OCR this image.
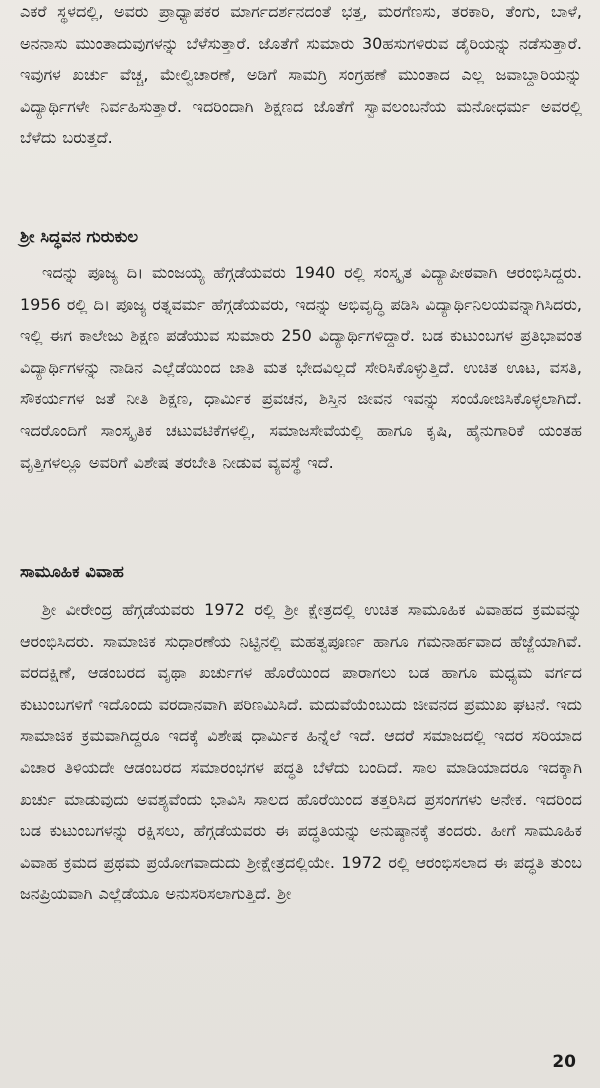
ಎಕರೆ ಸ್ಥಳದಲ್ಲಿ, ಅವರು ಪ್ರಾಧ್ಯಾಪಕರ ಮಾರ್ಗದರ್ಶನದಂತೆ ಭತ್ತ, ಮರಗೆಣಸು, ತರಕಾರಿ, ತೆಂಗು, ಬಾಳೆ, ಅನನಾಸು ಮುಂತಾದುವುಗಳನ್ನು ಬೆಳೆಸುತ್ತಾರೆ. ಜೊತೆಗೆ ಸುಮಾರು 30ಹಸುಗಳಿರುವ ಡೈರಿಯನ್ನು ನಡೆಸುತ್ತಾರೆ. ಇವುಗಳ ಖರ್ಚು ವೆಚ್ಚ, ಮೇಲ್ವಿಚಾರಣೆ, ಅಡಿಗೆ ಸಾಮಗ್ರಿ ಸಂಗ್ರಹಣೆ ಮುಂತಾದ ಎಲ್ಲ ಜವಾಬ್ದಾರಿಯನ್ನು ವಿದ್ಯಾರ್ಥಿಗಳೇ ನಿರ್ವಹಿಸುತ್ತಾರೆ. ಇದರಿಂದಾಗಿ ಶಿಕ್ಷಣದ ಜೊತೆಗೆ ಸ್ವಾವಲಂಬನೆಯ ಮನೋಧರ್ಮ ಅವರಲ್ಲಿ ಬೆಳೆದು ಬರುತ್ತದೆ.

ಶ್ರೀ ಸಿದ್ಧವನ ಗುರುಕುಲ

ಇದನ್ನು ಪೂಜ್ಯ ದಿ। ಮಂಜಯ್ಯ ಹೆಗ್ಗಡೆಯವರು 1940 ರಲ್ಲಿ ಸಂಸ್ಕೃತ ವಿದ್ಯಾಪೀಠವಾಗಿ ಆರಂಭಿಸಿದ್ದರು. 1956 ರಲ್ಲಿ ದಿ। ಪೂಜ್ಯ ರತ್ನವರ್ಮ ಹೆಗ್ಗಡೆಯವರು, ಇದನ್ನು ಅಭಿವೃದ್ಧಿ ಪಡಿಸಿ ವಿದ್ಯಾರ್ಥಿನಿಲಯವನ್ನಾಗಿಸಿದರು, ಇಲ್ಲಿ ಈಗ ಕಾಲೇಜು ಶಿಕ್ಷಣ ಪಡೆಯುವ ಸುಮಾರು 250 ವಿದ್ಯಾರ್ಥಿಗಳಿದ್ದಾರೆ. ಬಡ ಕುಟುಂಬಗಳ ಪ್ರತಿಭಾವಂತ ವಿದ್ಯಾರ್ಥಿಗಳನ್ನು ನಾಡಿನ ಎಲ್ಲೆಡೆಯಿಂದ ಜಾತಿ ಮತ ಭೇದವಿಲ್ಲದೆ ಸೇರಿಸಿಕೊಳ್ಳುತ್ತಿದೆ. ಉಚಿತ ಊಟ, ವಸತಿ, ಸೌಕರ್ಯಗಳ ಜತೆ ನೀತಿ ಶಿಕ್ಷಣ, ಧಾರ್ಮಿಕ ಪ್ರವಚನ, ಶಿಸ್ತಿನ ಜೀವನ ಇವನ್ನು ಸಂಯೋಜಿಸಿಕೊಳ್ಳಲಾಗಿದೆ. ಇದರೊಂದಿಗೆ ಸಾಂಸ್ಕೃತಿಕ ಚಟುವಟಿಕೆಗಳಲ್ಲಿ, ಸಮಾಜಸೇವೆಯಲ್ಲಿ ಹಾಗೂ ಕೃಷಿ, ಹೈನುಗಾರಿಕೆ ಯಂತಹ ವೃತ್ತಿಗಳಲ್ಲೂ ಅವರಿಗೆ ವಿಶೇಷ ತರಬೇತಿ ನೀಡುವ ವ್ಯವಸ್ಥೆ ಇದೆ.

ಸಾಮೂಹಿಕ ವಿವಾಹ

ಶ್ರೀ ವೀರೇಂದ್ರ ಹೆಗ್ಗಡೆಯವರು 1972 ರಲ್ಲಿ ಶ್ರೀ ಕ್ಷೇತ್ರದಲ್ಲಿ ಉಚಿತ ಸಾಮೂಹಿಕ ವಿವಾಹದ ಕ್ರಮವನ್ನು ಆರಂಭಿಸಿದರು. ಸಾಮಾಜಿಕ ಸುಧಾರಣೆಯ ನಿಟ್ಟಿನಲ್ಲಿ ಮಹತ್ವಪೂರ್ಣ ಹಾಗೂ ಗಮನಾರ್ಹವಾದ ಹೆಜ್ಜೆಯಾಗಿವೆ. ವರದಕ್ಷಿಣೆ, ಆಡಂಬರದ ವೃಥಾ ಖರ್ಚುಗಳ ಹೊರೆಯಿಂದ ಪಾರಾಗಲು ಬಡ ಹಾಗೂ ಮಧ್ಯಮ ವರ್ಗದ ಕುಟುಂಬಗಳಿಗೆ ಇದೊಂದು ವರದಾನವಾಗಿ ಪರಿಣಮಿಸಿದೆ. ಮದುವೆಯೆಂಬುದು ಜೀವನದ ಪ್ರಮುಖ ಘಟನೆ. ಇದು ಸಾಮಾಜಿಕ ಕ್ರಮವಾಗಿದ್ದರೂ ಇದಕ್ಕೆ ವಿಶೇಷ ಧಾರ್ಮಿಕ ಹಿನ್ನೆಲೆ ಇದೆ. ಆದರೆ ಸಮಾಜದಲ್ಲಿ ಇದರ ಸರಿಯಾದ ವಿಚಾರ ತಿಳಿಯದೇ ಆಡಂಬರದ ಸಮಾರಂಭಗಳ ಪದ್ಧತಿ ಬೆಳೆದು ಬಂದಿದೆ. ಸಾಲ ಮಾಡಿಯಾದರೂ ಇದಕ್ಕಾಗಿ ಖರ್ಚು ಮಾಡುವುದು ಅವಶ್ಯವೆಂದು ಭಾವಿಸಿ ಸಾಲದ ಹೊರೆಯಿಂದ ತತ್ತರಿಸಿದ ಪ್ರಸಂಗಗಳು ಅನೇಕ. ಇದರಿಂದ ಬಡ ಕುಟುಂಬಗಳನ್ನು ರಕ್ಷಿಸಲು, ಹೆಗ್ಗಡೆಯವರು ಈ ಪದ್ಧತಿಯನ್ನು ಅನುಷ್ಠಾನಕ್ಕೆ ತಂದರು. ಹೀಗೆ ಸಾಮೂಹಿಕ ವಿವಾಹ ಕ್ರಮದ ಪ್ರಥಮ ಪ್ರಯೋಗವಾದುದು ಶ್ರೀಕ್ಷೇತ್ರದಲ್ಲಿಯೇ. 1972 ರಲ್ಲಿ ಆರಂಭಿಸಲಾದ ಈ ಪದ್ಧತಿ ತುಂಬ ಜನಪ್ರಿಯವಾಗಿ ಎಲ್ಲೆಡೆಯೂ ಅನುಸರಿಸಲಾಗುತ್ತಿದೆ. ಶ್ರೀ

20
